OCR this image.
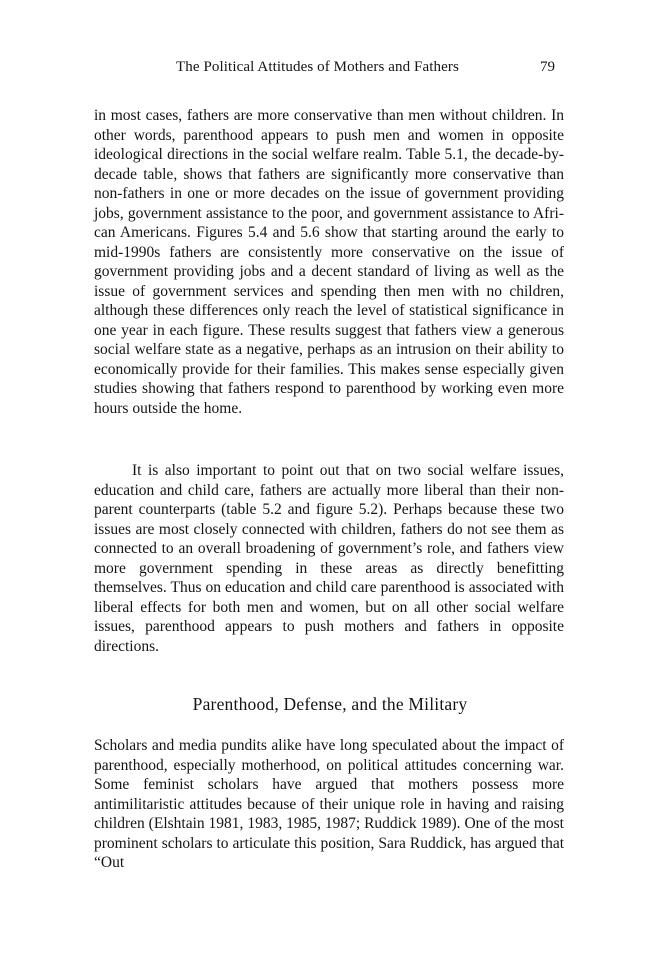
The Political Attitudes of Mothers and Fathers	79

in most cases, fathers are more conservative than men without children. In other words, parenthood appears to push men and women in opposite ideological directions in the social welfare realm. Table 5.1, the decade-by-decade table, shows that fathers are significantly more conservative than non-fathers in one or more decades on the issue of government providing jobs, government assistance to the poor, and government assistance to African Americans. Figures 5.4 and 5.6 show that starting around the early to mid-1990s fathers are consistently more conservative on the issue of government providing jobs and a decent standard of living as well as the issue of government services and spending then men with no children, although these differences only reach the level of statistical significance in one year in each figure. These results suggest that fathers view a generous social welfare state as a negative, perhaps as an intrusion on their ability to economically provide for their families. This makes sense especially given studies showing that fathers respond to parenthood by working even more hours outside the home.

It is also important to point out that on two social welfare issues, education and child care, fathers are actually more liberal than their non-parent counterparts (table 5.2 and figure 5.2). Perhaps because these two issues are most closely connected with children, fathers do not see them as connected to an overall broadening of government’s role, and fathers view more government spending in these areas as directly benefitting themselves. Thus on education and child care parenthood is associated with liberal effects for both men and women, but on all other social welfare issues, parenthood appears to push mothers and fathers in opposite directions.

Parenthood, Defense, and the Military

Scholars and media pundits alike have long speculated about the impact of parenthood, especially motherhood, on political attitudes concerning war. Some feminist scholars have argued that mothers possess more antimilitaristic attitudes because of their unique role in having and raising children (Elshtain 1981, 1983, 1985, 1987; Ruddick 1989). One of the most prominent scholars to articulate this position, Sara Ruddick, has argued that “Out
